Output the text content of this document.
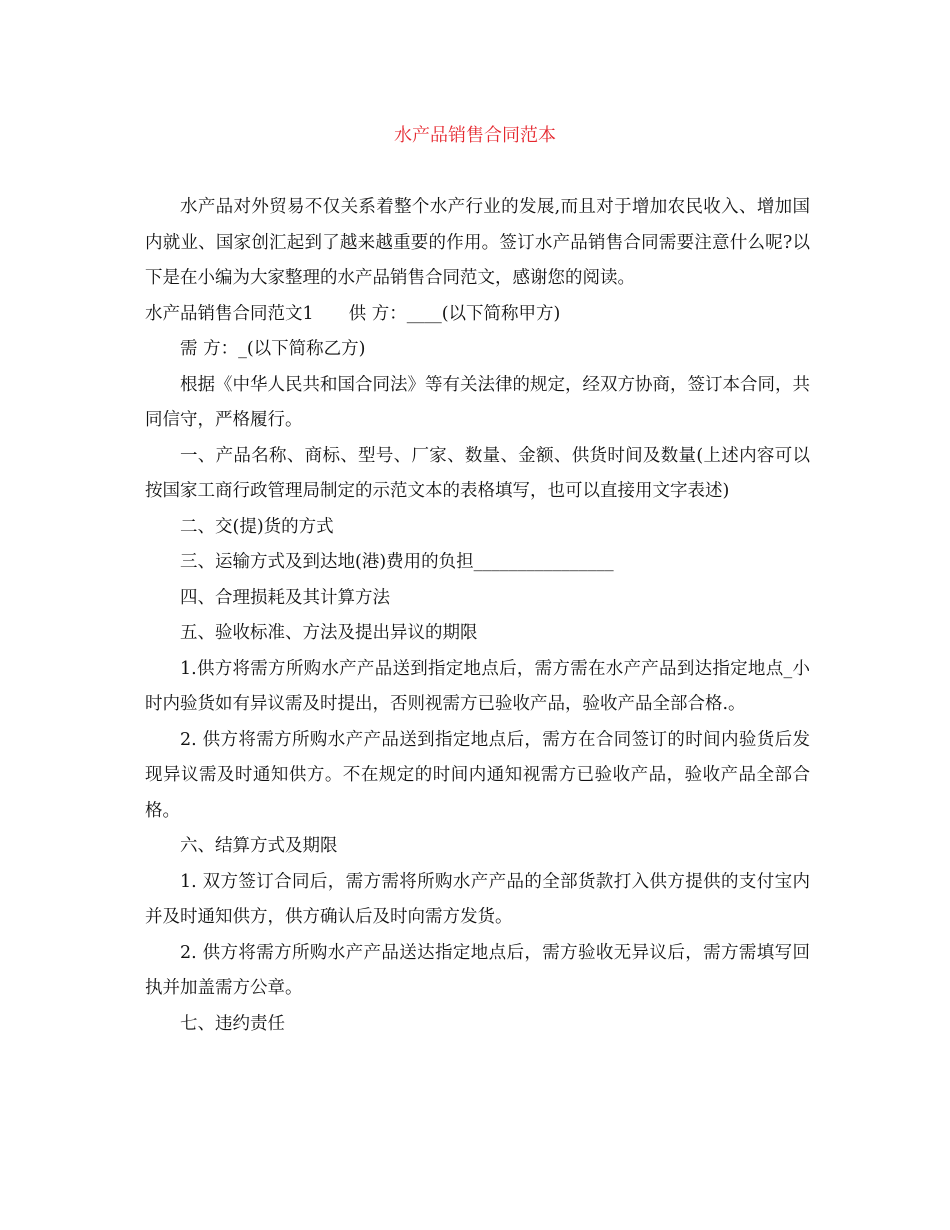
水产品销售合同范本

水产品对外贸易不仅关系着整个水产行业的发展,而且对于增加农民收入、增加国内就业、国家创汇起到了越来越重要的作用。签订水产品销售合同需要注意什么呢?以下是在小编为大家整理的水产品销售合同范文，感谢您的阅读。

水产品销售合同范文1　　供 方：____(以下简称甲方)

需 方：_(以下简称乙方)

根据《中华人民共和国合同法》等有关法律的规定，经双方协商，签订本合同，共同信守，严格履行。

一、产品名称、商标、型号、厂家、数量、金额、供货时间及数量(上述内容可以按国家工商行政管理局制定的示范文本的表格填写，也可以直接用文字表述)

二、交(提)货的方式

三、运输方式及到达地(港)费用的负担________________

四、合理损耗及其计算方法

五、验收标准、方法及提出异议的期限

1.供方将需方所购水产产品送到指定地点后，需方需在水产产品到达指定地点_小时内验货如有异议需及时提出，否则视需方已验收产品，验收产品全部合格.。

2. 供方将需方所购水产产品送到指定地点后，需方在合同签订的时间内验货后发现异议需及时通知供方。不在规定的时间内通知视需方已验收产品，验收产品全部合格。

六、结算方式及期限

1. 双方签订合同后，需方需将所购水产产品的全部货款打入供方提供的支付宝内并及时通知供方，供方确认后及时向需方发货。

2. 供方将需方所购水产产品送达指定地点后，需方验收无异议后，需方需填写回执并加盖需方公章。

七、违约责任
